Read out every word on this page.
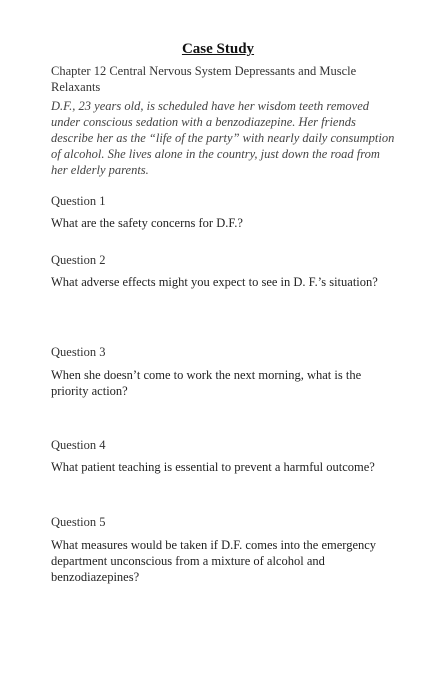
Case Study
Chapter 12 Central Nervous System Depressants and Muscle Relaxants
D.F., 23 years old, is scheduled have her wisdom teeth removed under conscious sedation with a benzodiazepine. Her friends describe her as the “life of the party” with nearly daily consumption of alcohol. She lives alone in the country, just down the road from her elderly parents.
Question 1
What are the safety concerns for D.F.?
Question 2
What adverse effects might you expect to see in D. F.’s situation?
Question 3
When she doesn’t come to work the next morning, what is the priority action?
Question 4
What patient teaching is essential to prevent a harmful outcome?
Question 5
What measures would be taken if D.F. comes into the emergency department unconscious from a mixture of alcohol and benzodiazepines?
